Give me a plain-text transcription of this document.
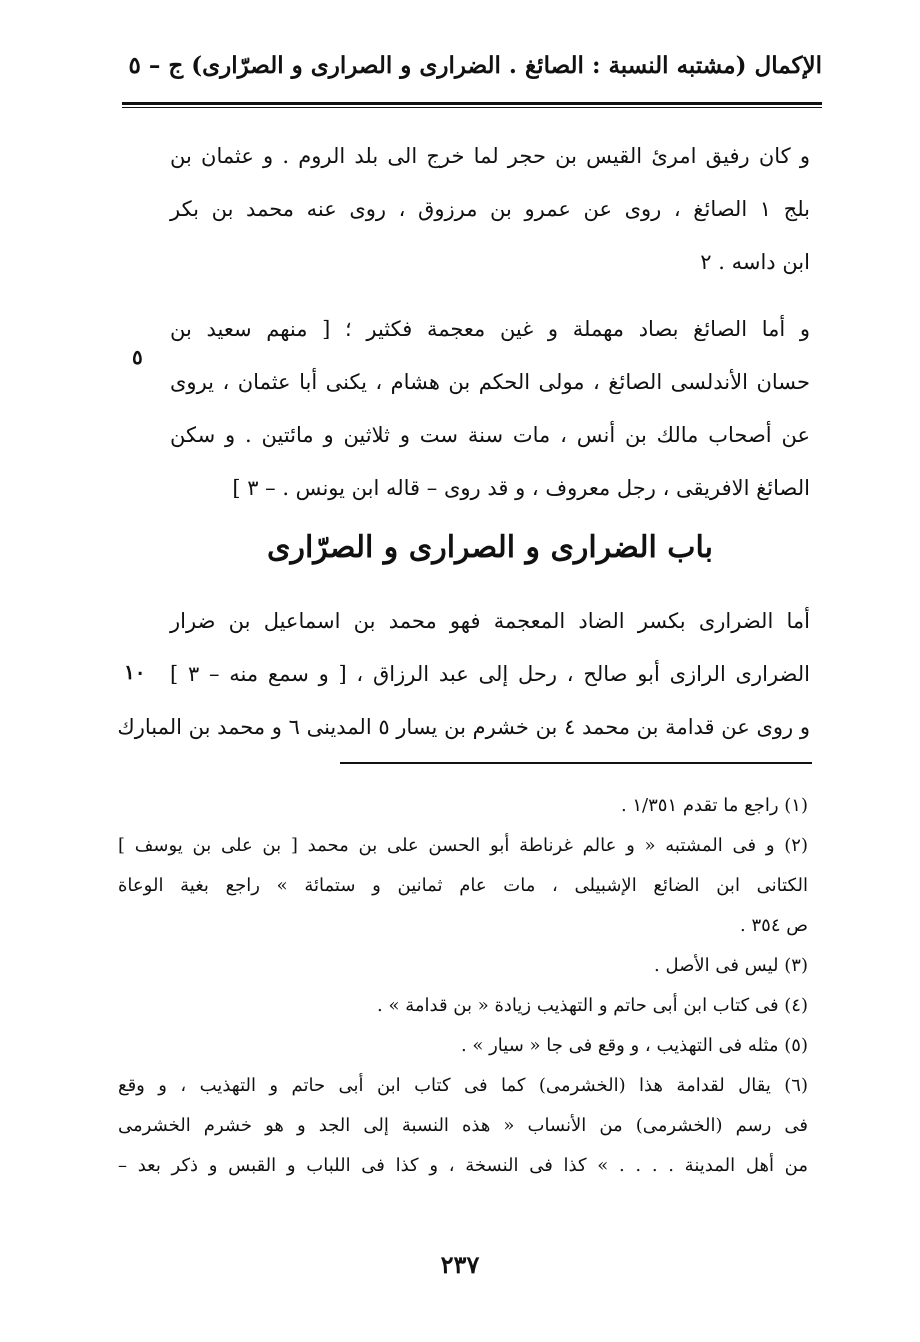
الإكمال (مشتبه النسبة : الصائغ . الضرارى و الصرارى و الصرّارى) ج – ٥
و كان رفيق امرئ القيس بن حجر لما خرج الى بلد الروم . و عثمان بن
بلج ١ الصائغ ، روى عن عمرو بن مرزوق ، روى عنه محمد بن بكر
ابن داسه . ٢
و أما الصائغ بصاد مهملة و غين معجمة فكثير ؛ [ منهم سعيد بن
حسان الأندلسى الصائغ ، مولى الحكم بن هشام ، يكنى أبا عثمان ، يروى
عن أصحاب مالك بن أنس ، مات سنة ست و ثلاثين و مائتين . و سكن
الصائغ الافريقى ، رجل معروف ، و قد روى – قاله ابن يونس . – ٣ ]
باب الضرارى و الصرارى و الصرّارى
أما الضرارى بكسر الضاد المعجمة فهو محمد بن اسماعيل بن ضرار
الضرارى الرازى أبو صالح ، رحل إلى عبد الرزاق ، [ و سمع منه – ٣ ]
و روى عن قدامة بن محمد ٤ بن خشرم بن يسار ٥ المدينى ٦ و محمد بن المبارك
٥
١٠
(١) راجع ما تقدم ١/٣٥١ .
(٢) و فى المشتبه « و عالم غرناطة أبو الحسن على بن محمد [ بن على بن يوسف ]
الكتانى ابن الضائع الإشبيلى ، مات عام ثمانين و ستمائة » راجع بغية الوعاة
ص ٣٥٤ .
(٣) ليس فى الأصل .
(٤) فى كتاب ابن أبى حاتم و التهذيب زيادة « بن قدامة » .
(٥) مثله فى التهذيب ، و وقع فى جا « سيار » .
(٦) يقال لقدامة هذا (الخشرمى) كما فى كتاب ابن أبى حاتم و التهذيب ، و وقع
فى رسم (الخشرمى) من الأنساب « هذه النسبة إلى الجد و هو خشرم الخشرمى
من أهل المدينة . . . . » كذا فى النسخة ، و كذا فى اللباب و القبس و ذكر بعد –
٢٣٧
